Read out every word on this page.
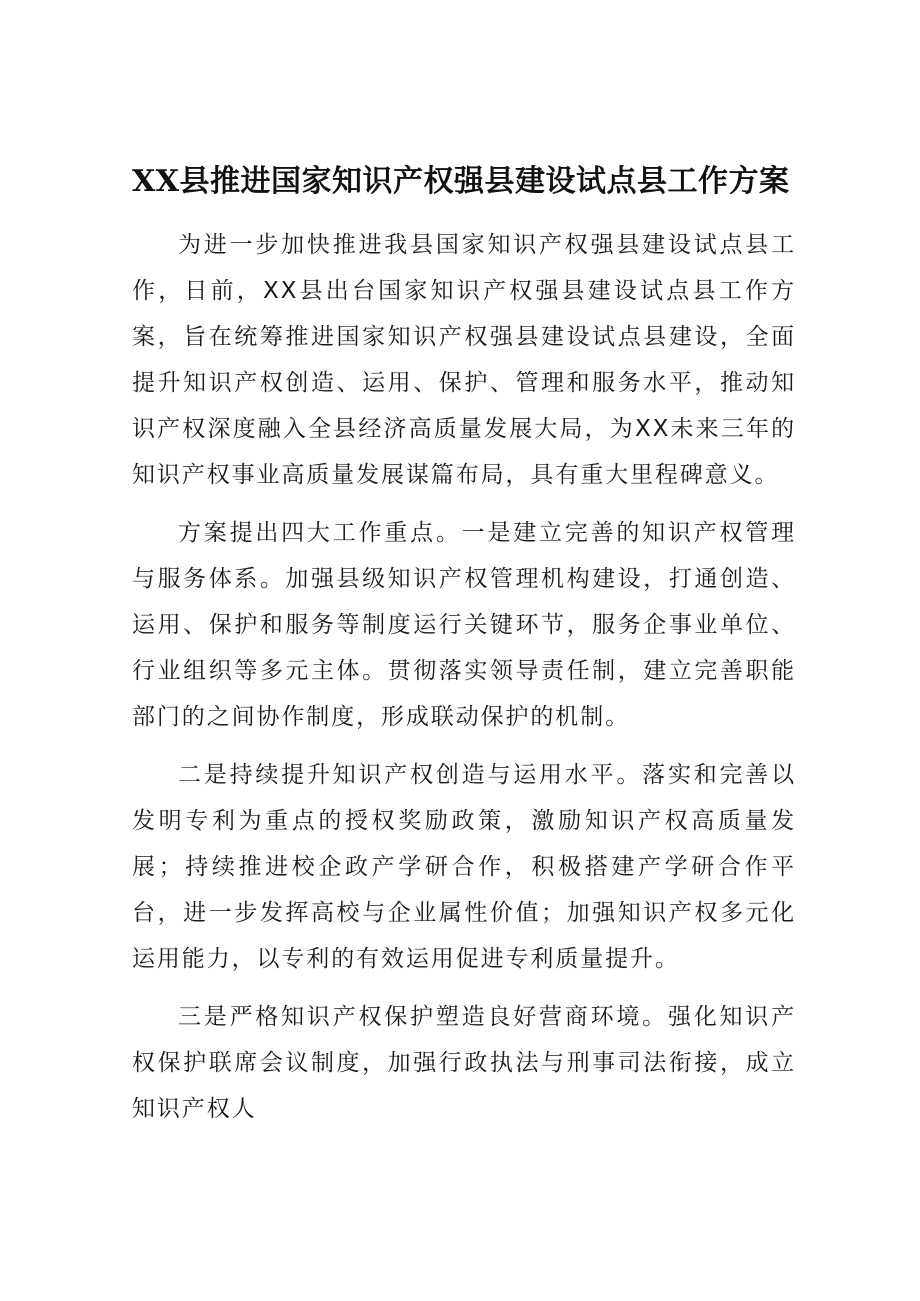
XX县推进国家知识产权强县建设试点县工作方案

为进一步加快推进我县国家知识产权强县建设试点县工作，日前，XX县出台国家知识产权强县建设试点县工作方案，旨在统筹推进国家知识产权强县建设试点县建设，全面提升知识产权创造、运用、保护、管理和服务水平，推动知识产权深度融入全县经济高质量发展大局，为XX未来三年的知识产权事业高质量发展谋篇布局，具有重大里程碑意义。

方案提出四大工作重点。一是建立完善的知识产权管理与服务体系。加强县级知识产权管理机构建设，打通创造、运用、保护和服务等制度运行关键环节，服务企事业单位、行业组织等多元主体。贯彻落实领导责任制，建立完善职能部门的之间协作制度，形成联动保护的机制。

二是持续提升知识产权创造与运用水平。落实和完善以发明专利为重点的授权奖励政策，激励知识产权高质量发展；持续推进校企政产学研合作，积极搭建产学研合作平台，进一步发挥高校与企业属性价值；加强知识产权多元化运用能力，以专利的有效运用促进专利质量提升。

三是严格知识产权保护塑造良好营商环境。强化知识产权保护联席会议制度，加强行政执法与刑事司法衔接，成立知识产权人
